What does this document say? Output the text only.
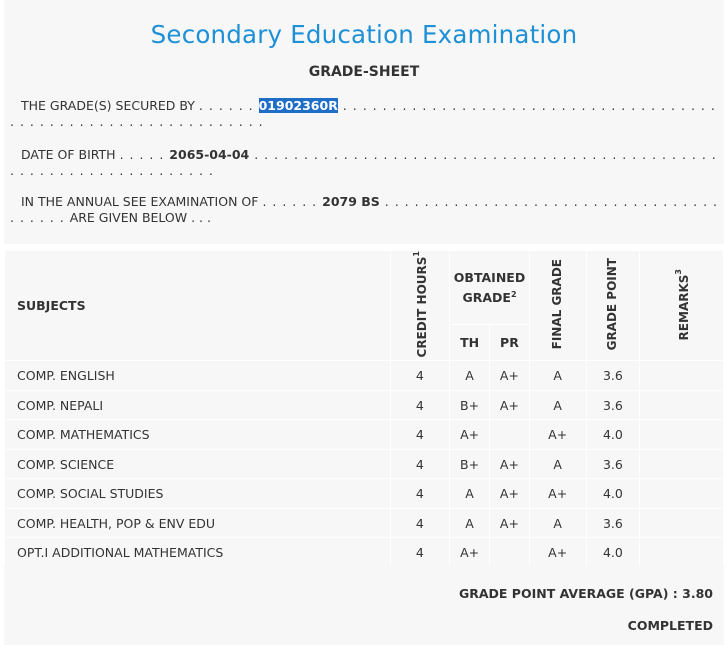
Secondary Education Examination
GRADE-SHEET
THE GRADE(S) SECURED BY . . . . . . 01902360R . . . . . . . . . . . . . . . . . . . . . . . . . . . . . . . . . . . . . . . . . . . . . . . . . . . . . . . . . . . . . . . .
DATE OF BIRTH . . . . . 2065-04-04 . . . . . . . . . . . . . . . . . . . . . . . . . . . . . . . . . . . . . . . . . . . . . . . . . . . . . . . . . . . . . . . . . . . .
IN THE ANNUAL SEE EXAMINATION OF . . . . . . 2079 BS . . . . . . . . . . . . . . . . . . . . . . . . . . . . . . . . . . . . . . . . ARE GIVEN BELOW . . .
SUBJECTS	CREDIT HOURS$^1$	OBTAINED GRADE$^2$		FINAL GRADE	GRADE POINT	REMARKS$^3$
		TH	PR			
COMP. ENGLISH	4	A	A+	A	3.6	
COMP. NEPALI	4	B+	A+	A	3.6	
COMP. MATHEMATICS	4	A+		A+	4.0	
COMP. SCIENCE	4	B+	A+	A	3.6	
COMP. SOCIAL STUDIES	4	A	A+	A+	4.0	
COMP. HEALTH, POP & ENV EDU	4	A	A+	A	3.6	
OPT.I ADDITIONAL MATHEMATICS	4	A+		A+	4.0	

GRADE POINT AVERAGE (GPA) : 3.80
COMPLETED
